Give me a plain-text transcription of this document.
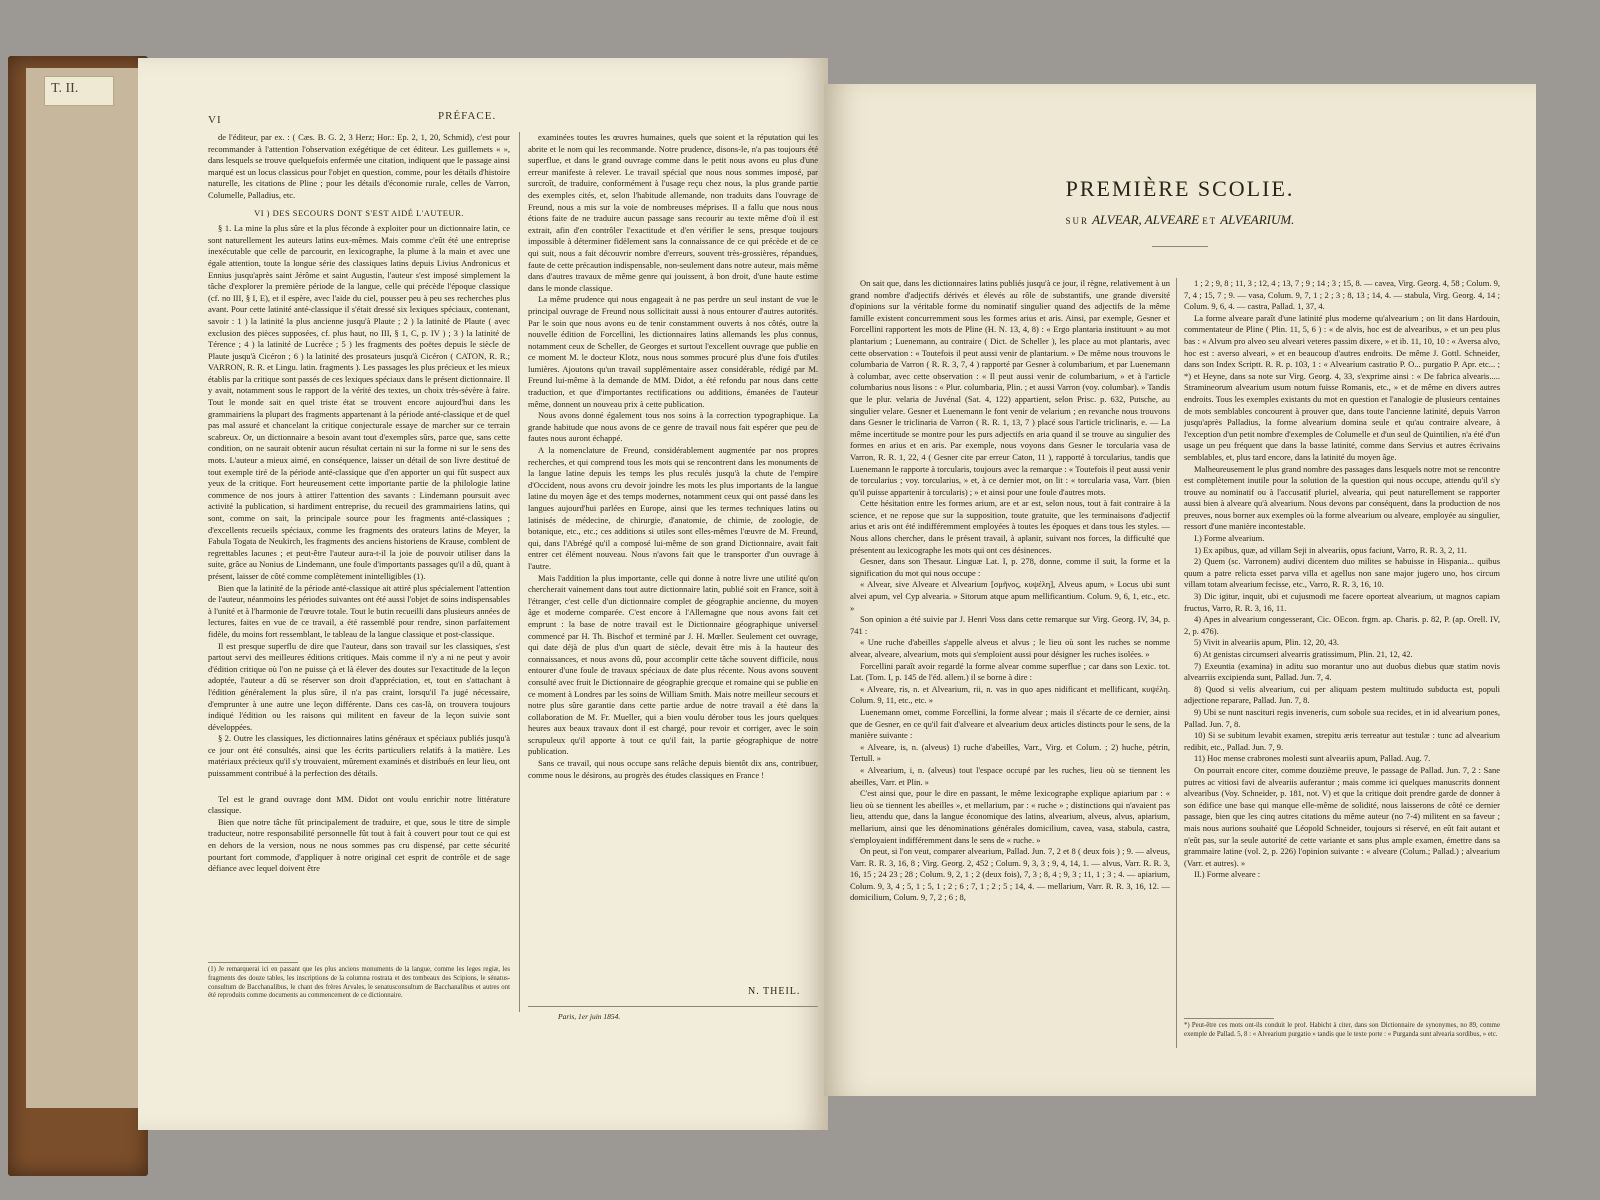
T. II.
VI	PRÉFACE.

de l'éditeur, par ex. : ( Cæs. B. G. 2, 3 Herz; Hor.: Ep. 2, 1, 20, Schmid), c'est pour recommander à l'attention l'observation exégétique de cet éditeur. Les guillemets « », dans lesquels se trouve quelquefois enfermée une citation, indiquent que le passage ainsi marqué est un locus classicus pour l'objet en question, comme, pour les détails d'histoire naturelle, les citations de Pline ; pour les détails d'économie rurale, celles de Varron, Columelle, Palladius, etc.

VI ) DES SECOURS DONT S'EST AIDÉ L'AUTEUR.

§ 1. La mine la plus sûre et la plus féconde à exploiter pour un dictionnaire latin, ce sont naturellement les auteurs latins eux-mêmes. Mais comme c'eût été une entreprise inexécutable que celle de parcourir, en lexicographe, la plume à la main et avec une égale attention, toute la longue série des classiques latins depuis Livius Andronicus et Ennius jusqu'après saint Jérôme et saint Augustin, l'auteur s'est imposé simplement la tâche d'explorer la première période de la langue, celle qui précède l'époque classique (cf. no III, § I, E), et il espère, avec l'aide du ciel, pousser peu à peu ses recherches plus avant. Pour cette latinité anté-classique il s'était dressé six lexiques spéciaux, contenant, savoir : 1 ) la latinité la plus ancienne jusqu'à Plaute ; 2 ) la latinité de Plaute ( avec exclusion des pièces supposées, cf. plus haut, no III, § 1, C, p. IV ) ; 3 ) la latinité de Térence ; 4 ) la latinité de Lucrèce ; 5 ) les fragments des poëtes depuis le siècle de Plaute jusqu'à Cicéron ; 6 ) la latinité des prosateurs jusqu'à Cicéron ( CATON, R. R.; VARRON, R. R. et Lingu. latin. fragments ). Les passages les plus précieux et les mieux établis par la critique sont passés de ces lexiques spéciaux dans le présent dictionnaire. Il y avait, notamment sous le rapport de la vérité des textes, un choix très-sévère à faire. Tout le monde sait en quel triste état se trouvent encore aujourd'hui dans les grammairiens la plupart des fragments appartenant à la période anté-classique et de quel pas mal assuré et chancelant la critique conjecturale essaye de marcher sur ce terrain scabreux. Or, un dictionnaire a besoin avant tout d'exemples sûrs, parce que, sans cette condition, on ne saurait obtenir aucun résultat certain ni sur la forme ni sur le sens des mots. L'auteur a mieux aimé, en conséquence, laisser un détail de son livre destitué de tout exemple tiré de la période anté-classique que d'en apporter un qui fût suspect aux yeux de la critique. Fort heureusement cette importante partie de la philologie latine commence de nos jours à attirer l'attention des savants : Lindemann poursuit avec activité la publication, si hardiment entreprise, du recueil des grammairiens latins, qui sont, comme on sait, la principale source pour les fragments anté-classiques ; d'excellents recueils spéciaux, comme les fragments des orateurs latins de Meyer, la Fabula Togata de Neukirch, les fragments des anciens historiens de Krause, comblent de regrettables lacunes ; et peut-être l'auteur aura-t-il la joie de pouvoir utiliser dans la suite, grâce au Nonius de Lindemann, une foule d'importants passages qu'il a dû, quant à présent, laisser de côté comme complètement inintelligibles (1).

Bien que la latinité de la période anté-classique ait attiré plus spécialement l'attention de l'auteur, néanmoins les périodes suivantes ont été aussi l'objet de soins indispensables à l'unité et à l'harmonie de l'œuvre totale. Tout le butin recueilli dans plusieurs années de lectures, faites en vue de ce travail, a été rassemblé pour rendre, sinon parfaitement fidèle, du moins fort ressemblant, le tableau de la langue classique et post-classique.

Il est presque superflu de dire que l'auteur, dans son travail sur les classiques, s'est partout servi des meilleures éditions critiques. Mais comme il n'y a ni ne peut y avoir d'édition critique où l'on ne puisse çà et là élever des doutes sur l'exactitude de la leçon adoptée, l'auteur a dû se réserver son droit d'appréciation, et, tout en s'attachant à l'édition généralement la plus sûre, il n'a pas craint, lorsqu'il l'a jugé nécessaire, d'emprunter à une autre une leçon différente. Dans ces cas-là, on trouvera toujours indiqué l'édition ou les raisons qui militent en faveur de la leçon suivie sont développées.

§ 2. Outre les classiques, les dictionnaires latins généraux et spéciaux publiés jusqu'à ce jour ont été consultés, ainsi que les écrits particuliers relatifs à la matière. Les matériaux précieux qu'il s'y trouvaient, mûrement examinés et distribués en leur lieu, ont puissamment contribué à la perfection des détails.

Tel est le grand ouvrage dont MM. Didot ont voulu enrichir notre littérature classique.

Bien que notre tâche fût principalement de traduire, et que, sous le titre de simple traducteur, notre responsabilité personnelle fût tout à fait à couvert pour tout ce qui est en dehors de la version, nous ne nous sommes pas cru dispensé, par cette sécurité pourtant fort commode, d'appliquer à notre original cet esprit de contrôle et de sage défiance avec lequel doivent être

(1) Je remarquerai ici en passant que les plus anciens monuments de la langue, comme les leges regiæ, les fragments des douze tables, les inscriptions de la columna rostrata et des tombeaux des Scipions, le sénatus-consultum de Bacchanalibus, le chant des frères Arvales, le senatusconsultum de Bacchanalibus et autres ont été reproduits comme documents au commencement de ce dictionnaire.

examinées toutes les œuvres humaines, quels que soient et la réputation qui les abrite et le nom qui les recommande. Notre prudence, disons-le, n'a pas toujours été superflue, et dans le grand ouvrage comme dans le petit nous avons eu plus d'une erreur manifeste à relever. Le travail spécial que nous nous sommes imposé, par surcroît, de traduire, conformément à l'usage reçu chez nous, la plus grande partie des exemples cités, et, selon l'habitude allemande, non traduits dans l'ouvrage de Freund, nous a mis sur la voie de nombreuses méprises. Il a fallu que nous nous étions faite de ne traduire aucun passage sans recourir au texte même d'où il est extrait, afin d'en contrôler l'exactitude et d'en vérifier le sens, presque toujours impossible à déterminer fidèlement sans la connaissance de ce qui précède et de ce qui suit, nous a fait découvrir nombre d'erreurs, souvent très-grossières, répandues, faute de cette précaution indispensable, non-seulement dans notre auteur, mais même dans d'autres travaux de même genre qui jouissent, à bon droit, d'une haute estime dans le monde classique.

La même prudence qui nous engageait à ne pas perdre un seul instant de vue le principal ouvrage de Freund nous sollicitait aussi à nous entourer d'autres autorités. Par le soin que nous avons eu de tenir constamment ouverts à nos côtés, outre la nouvelle édition de Forcellini, les dictionnaires latins allemands les plus connus, notamment ceux de Scheller, de Georges et surtout l'excellent ouvrage que publie en ce moment M. le docteur Klotz, nous nous sommes procuré plus d'une fois d'utiles lumières. Ajoutons qu'un travail supplémentaire assez considérable, rédigé par M. Freund lui-même à la demande de MM. Didot, a été refondu par nous dans cette traduction, et que d'importantes rectifications ou additions, émanées de l'auteur même, donnent un nouveau prix à cette publication.

Nous avons donné également tous nos soins à la correction typographique. La grande habitude que nous avons de ce genre de travail nous fait espérer que peu de fautes nous auront échappé.

A la nomenclature de Freund, considérablement augmentée par nos propres recherches, et qui comprend tous les mots qui se rencontrent dans les monuments de la langue latine depuis les temps les plus reculés jusqu'à la chute de l'empire d'Occident, nous avons cru devoir joindre les mots les plus importants de la langue latine du moyen âge et des temps modernes, notamment ceux qui ont passé dans les langues aujourd'hui parlées en Europe, ainsi que les termes techniques latins ou latinisés de médecine, de chirurgie, d'anatomie, de chimie, de zoologie, de botanique, etc., etc.; ces additions si utiles sont elles-mêmes l'œuvre de M. Freund, qui, dans l'Abrégé qu'il a composé lui-même de son grand Dictionnaire, avait fait entrer cet élément nouveau. Nous n'avons fait que le transporter d'un ouvrage à l'autre.

Mais l'addition la plus importante, celle qui donne à notre livre une utilité qu'on chercherait vainement dans tout autre dictionnaire latin, publié soit en France, soit à l'étranger, c'est celle d'un dictionnaire complet de géographie ancienne, du moyen âge et moderne comparée. C'est encore à l'Allemagne que nous avons fait cet emprunt : la base de notre travail est le Dictionnaire géographique universel commencé par H. Th. Bischof et terminé par J. H. Mœller. Seulement cet ouvrage, qui date déjà de plus d'un quart de siècle, devait être mis à la hauteur des connaissances, et nous avons dû, pour accomplir cette tâche souvent difficile, nous entourer d'une foule de travaux spéciaux de date plus récente. Nous avons souvent consulté avec fruit le Dictionnaire de géographie grecque et romaine qui se publie en ce moment à Londres par les soins de William Smith. Mais notre meilleur secours et notre plus sûre garantie dans cette partie ardue de notre travail a été dans la collaboration de M. Fr. Mueller, qui a bien voulu dérober tous les jours quelques heures aux beaux travaux dont il est chargé, pour revoir et corriger, avec le soin scrupuleux qu'il apporte à tout ce qu'il fait, la partie géographique de notre publication.

Sans ce travail, qui nous occupe sans relâche depuis bientôt dix ans, contribuer, comme nous le désirons, au progrès des études classiques en France !

N. THEIL.
Paris, 1er juin 1854.
PREMIÈRE SCOLIE.
SUR ALVEAR, ALVEARE ET ALVEARIUM.

On sait que, dans les dictionnaires latins publiés jusqu'à ce jour, il règne, relativement à un grand nombre d'adjectifs dérivés et élevés au rôle de substantifs, une grande diversité d'opinions sur la véritable forme du nominatif singulier quand des adjectifs de la même famille existent concurremment sous les formes arius et aris. Ainsi, par exemple, Gesner et Forcellini rapportent les mots de Pline (H. N. 13, 4, 8) : « Ergo plantaria instituunt » au mot plantarium ; Luenemann, au contraire ( Dict. de Scheller ), les place au mot plantaris, avec cette observation : « Toutefois il peut aussi venir de plantarium. » De même nous trouvons le columbaria de Varron ( R. R. 3, 7, 4 ) rapporté par Gesner à columbarium, et par Luenemann à columbar, avec cette observation : « Il peut aussi venir de columbarium, » et à l'article columbarius nous lisons : « Plur. columbaria, Plin. ; et aussi Varron (voy. columbar). » Tandis que le plur. velaria de Juvénal (Sat. 4, 122) appartient, selon Prisc. p. 632, Putsche, au singulier velare. Gesner et Luenemann le font venir de velarium ; en revanche nous trouvons dans Gesner le triclinaria de Varron ( R. R. 1, 13, 7 ) placé sous l'article triclinaris, e. — La même incertitude se montre pour les purs adjectifs en aria quand il se trouve au singulier des formes en arius et en aris. Par exemple, nous voyons dans Gesner le torcularia vasa de Varron, R. R. 1, 22, 4 ( Gesner cite par erreur Caton, 11 ), rapporté à torcularius, tandis que Luenemann le rapporte à torcularis, toujours avec la remarque : « Toutefois il peut aussi venir de torcularius ; voy. torcularius, » et, à ce dernier mot, on lit : « torcularia vasa, Varr. (bien qu'il puisse appartenir à torcularis) ; » et ainsi pour une foule d'autres mots.

Cette hésitation entre les formes arium, are et ar est, selon nous, tout à fait contraire à la science, et ne repose que sur la supposition, toute gratuite, que les terminaisons d'adjectif arius et aris ont été indifféremment employées à toutes les époques et dans tous les styles. — Nous allons chercher, dans le présent travail, à aplanir, suivant nos forces, la difficulté que présentent au lexicographe les mots qui ont ces désinences.

Gesner, dans son Thesaur. Linguæ Lat. I, p. 278, donne, comme il suit, la forme et la signification du mot qui nous occupe :

« Alvear, sive Alveare et Alvearium [σμῆνος, κυψέλη], Alveus apum, » Locus ubi sunt alvei apum, vel Cyp alvearia. » Sitorum atque apum mellificantium. Colum. 9, 6, 1, etc., etc. »

Son opinion a été suivie par J. Henri Voss dans cette remarque sur Virg. Georg. IV, 34, p. 741 :

« Une ruche d'abeilles s'appelle alveus et alvus ; le lieu où sont les ruches se nomme alvear, alveare, alvearium, mots qui s'emploient aussi pour désigner les ruches isolées. »

Forcellini paraît avoir regardé la forme alvear comme superflue ; car dans son Lexic. tot. Lat. (Tom. I, p. 145 de l'éd. allem.) il se borne à dire :

« Alveare, ris, n. et Alvearium, rii, n. vas in quo apes nidificant et mellificant, κυψέλη. Colum. 9, 11, etc., etc. »

Luenemann omet, comme Forcellini, la forme alvear ; mais il s'écarte de ce dernier, ainsi que de Gesner, en ce qu'il fait d'alveare et alvearium deux articles distincts pour le sens, de la manière suivante :

« Alveare, is, n. (alveus) 1) ruche d'abeilles, Varr., Virg. et Colum. ; 2) huche, pétrin, Tertull. »

« Alvearium, i, n. (alveus) tout l'espace occupé par les ruches, lieu où se tiennent les abeilles, Varr. et Plin. »

C'est ainsi que, pour le dire en passant, le même lexicographe explique apiarium par : « lieu où se tiennent les abeilles », et mellarium, par : « ruche » ; distinctions qui n'avaient pas lieu, attendu que, dans la langue économique des latins, alvearium, alveus, alvus, apiarium, mellarium, ainsi que les dénominations générales domicilium, cavea, vasa, stabula, castra, s'employaient indifféremment dans le sens de « ruche. »

On peut, si l'on veut, comparer alvearium, Pallad. Jun. 7, 2 et 8 ( deux fois ) ; 9. — alveus, Varr. R. R. 3, 16, 8 ; Virg. Georg. 2, 452 ; Colum. 9, 3, 3 ; 9, 4, 14, 1. — alvus, Varr. R. R. 3, 16, 15 ; 24 23 ; 28 ; Colum. 9, 2, 1 ; 2 (deux fois), 7, 3 ; 8, 4 ; 9, 3 ; 11, 1 ; 3 ; 4. — apiarium, Colum. 9, 3, 4 ; 5, 1 ; 5, 1 ; 2 ; 6 ; 7, 1 ; 2 ; 5 ; 14, 4. — mellarium, Varr. R. R. 3, 16, 12. — domicilium, Colum. 9, 7, 2 ; 6 ; 8,

1 ; 2 ; 9, 8 ; 11, 3 ; 12, 4 ; 13, 7 ; 9 ; 14 ; 3 ; 15, 8. — cavea, Virg. Georg. 4, 58 ; Colum. 9, 7, 4 ; 15, 7 ; 9. — vasa, Colum. 9, 7, 1 ; 2 ; 3 ; 8, 13 ; 14, 4. — stabula, Virg. Georg. 4, 14 ; Colum. 9, 6, 4. — castra, Pallad. 1, 37, 4.

La forme alveare paraît d'une latinité plus moderne qu'alvearium ; on lit dans Hardouin, commentateur de Pline ( Plin. 11, 5, 6 ) : « de alvis, hoc est de alvearibus, » et un peu plus bas : « Alvum pro alveo seu alveari veteres passim dixere, » et ib. 11, 10, 10 : « Aversa alvo, hoc est : averso alveari, » et en beaucoup d'autres endroits. De même J. Gottl. Schneider, dans son Index Scriptt. R. R. p. 103, 1 : « Alvearium castratio P. O... purgatio P. Apr. etc... ; *) et Heyne, dans sa note sur Virg. Georg. 4, 33, s'exprime ainsi : « De fabrica alvearis..... Stramineorum alvearium usum notum fuisse Romanis, etc., » et de même en divers autres endroits. Tous les exemples existants du mot en question et l'analogie de plusieurs centaines de mots semblables concourent à prouver que, dans toute l'ancienne latinité, depuis Varron jusqu'après Palladius, la forme alvearium domina seule et qu'au contraire alveare, à l'exception d'un petit nombre d'exemples de Columelle et d'un seul de Quintilien, n'a été d'un usage un peu fréquent que dans la basse latinité, comme dans Servius et autres écrivains semblables, et, plus tard encore, dans la latinité du moyen âge.

Malheureusement le plus grand nombre des passages dans lesquels notre mot se rencontre est complètement inutile pour la solution de la question qui nous occupe, attendu qu'il s'y trouve au nominatif ou à l'accusatif pluriel, alvearia, qui peut naturellement se rapporter aussi bien à alveare qu'à alvearium. Nous devons par conséquent, dans la production de nos preuves, nous borner aux exemples où la forme alvearium ou alveare, employée au singulier, ressort d'une manière incontestable.

I.) Forme alvearium.

1) Ex apibus, quæ, ad villam Seji in alveariis, opus faciunt, Varro, R. R. 3, 2, 11.

2) Quem (sc. Varronem) audivi dicentem duo milites se habuisse in Hispania... quibus quum a patre relicta esset parva villa et agellus non sane major jugero uno, hos circum villam totam alvearium fecisse, etc., Varro, R. R. 3, 16, 10.

3) Dic igitur, inquit, ubi et cujusmodi me facere oporteat alvearium, ut magnos capiam fructus, Varro, R. R. 3, 16, 11.

4) Apes in alvearium congesserant, Cic. OEcon. frgm. ap. Charis. p. 82, P. (ap. Orell. IV, 2, p. 476).

5) Vivit in alveariis apum, Plin. 12, 20, 43.

6) At genistas circumseri alvearris gratissimum, Plin. 21, 12, 42.

7) Exeuntia (examina) in aditu suo morantur uno aut duobus diebus quæ statim novis alvearriis excipienda sunt, Pallad. Jun. 7, 4.

8) Quod si velis alvearium, cui per aliquam pestem multitudo subducta est, populi adjectione reparare, Pallad. Jun. 7, 8.

9) Ubi se nunt nascituri regis inveneris, cum sobole sua recides, et in id alvearium pones, Pallad. Jun. 7, 8.

10) Si se subitum levabit examen, strepitu æris terreatur aut testulæ : tunc ad alvearium redibit, etc., Pallad. Jun. 7, 9.

11) Hoc mense crabrones molesti sunt alveariis apum, Pallad. Aug. 7.

On pourrait encore citer, comme douzième preuve, le passage de Pallad. Jun. 7, 2 : Sane putres ac vitiosi favi de alveariis auferantur ; mais comme ici quelques manuscrits donnent alvearibus (Voy. Schneider, p. 181, not. V) et que la critique doit prendre garde de donner à son édifice une base qui manque elle-même de solidité, nous laisserons de côté ce dernier passage, bien que les cinq autres citations du même auteur (no 7-4) militent en sa faveur ; mais nous aurions souhaité que Léopold Schneider, toujours si réservé, en eût fait autant et n'eût pas, sur la seule autorité de cette variante et sans plus ample examen, émettre dans sa grammaire latine (vol. 2, p. 226) l'opinion suivante : « alveare (Colum.; Pallad.) ; alvearium (Varr. et autres). »

II.) Forme alveare :

*) Peut-être ces mots ont-ils conduit le prof. Habicht à citer, dans son Dictionnaire de synonymes, no 89, comme exemple de Pallad. 5, 8 : « Alvearium purgatio » tandis que le texte porte : « Purganda sunt alvearia sordibus, » etc.
